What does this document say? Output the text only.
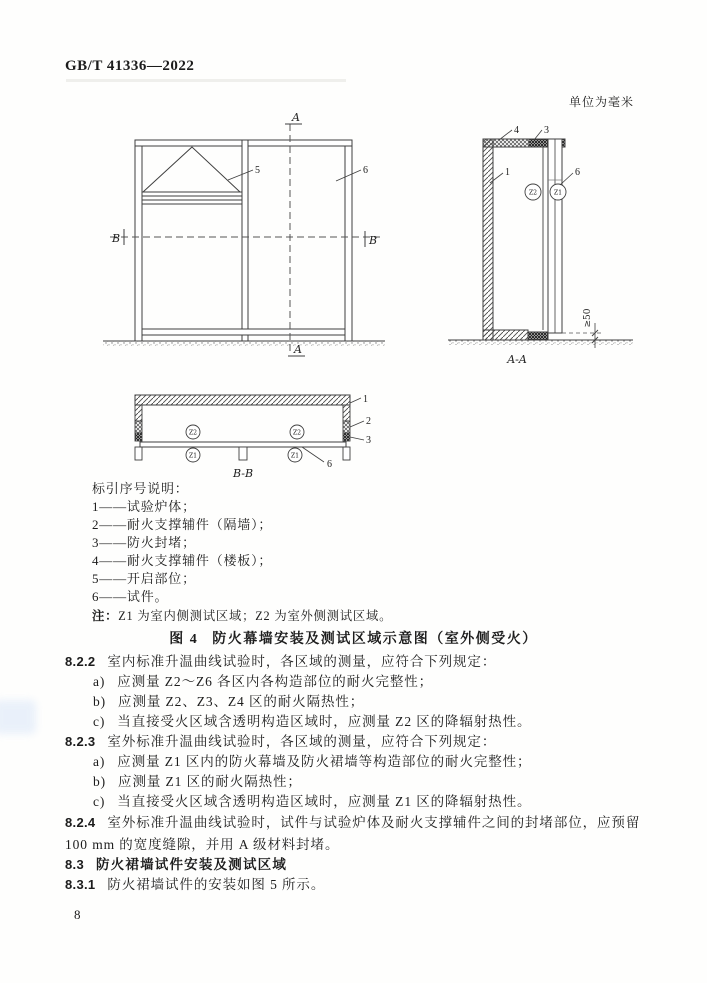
GB/T 41336—2022
单位为毫米
A
A
B	B
5	6
Z2	Z1
4	3
1	6
≥50
A-A
Z2	Z2
Z1	Z1
1
2
3
6
B-B
标引序号说明：
1——试验炉体；
2——耐火支撑辅件（隔墙）；
3——防火封堵；
4——耐火支撑辅件（楼板）；
5——开启部位；
6——试件。
注：Z1 为室内侧测试区域；Z2 为室外侧测试区域。
图 4 防火幕墙安装及测试区域示意图（室外侧受火）

8.2.2 室内标准升温曲线试验时，各区域的测量，应符合下列规定：

a) 应测量 Z2～Z6 各区内各构造部位的耐火完整性；

b) 应测量 Z2、Z3、Z4 区的耐火隔热性；

c) 当直接受火区域含透明构造区域时，应测量 Z2 区的降辐射热性。

8.2.3 室外标准升温曲线试验时，各区域的测量，应符合下列规定：

a) 应测量 Z1 区内的防火幕墙及防火裙墙等构造部位的耐火完整性；

b) 应测量 Z1 区的耐火隔热性；

c) 当直接受火区域含透明构造区域时，应测量 Z1 区的降辐射热性。

8.2.4 室外标准升温曲线试验时，试件与试验炉体及耐火支撑辅件之间的封堵部位，应预留 100 mm 的宽度缝隙，并用 A 级材料封堵。

8.3 防火裙墙试件安装及测试区域

8.3.1 防火裙墙试件的安装如图 5 所示。

8
